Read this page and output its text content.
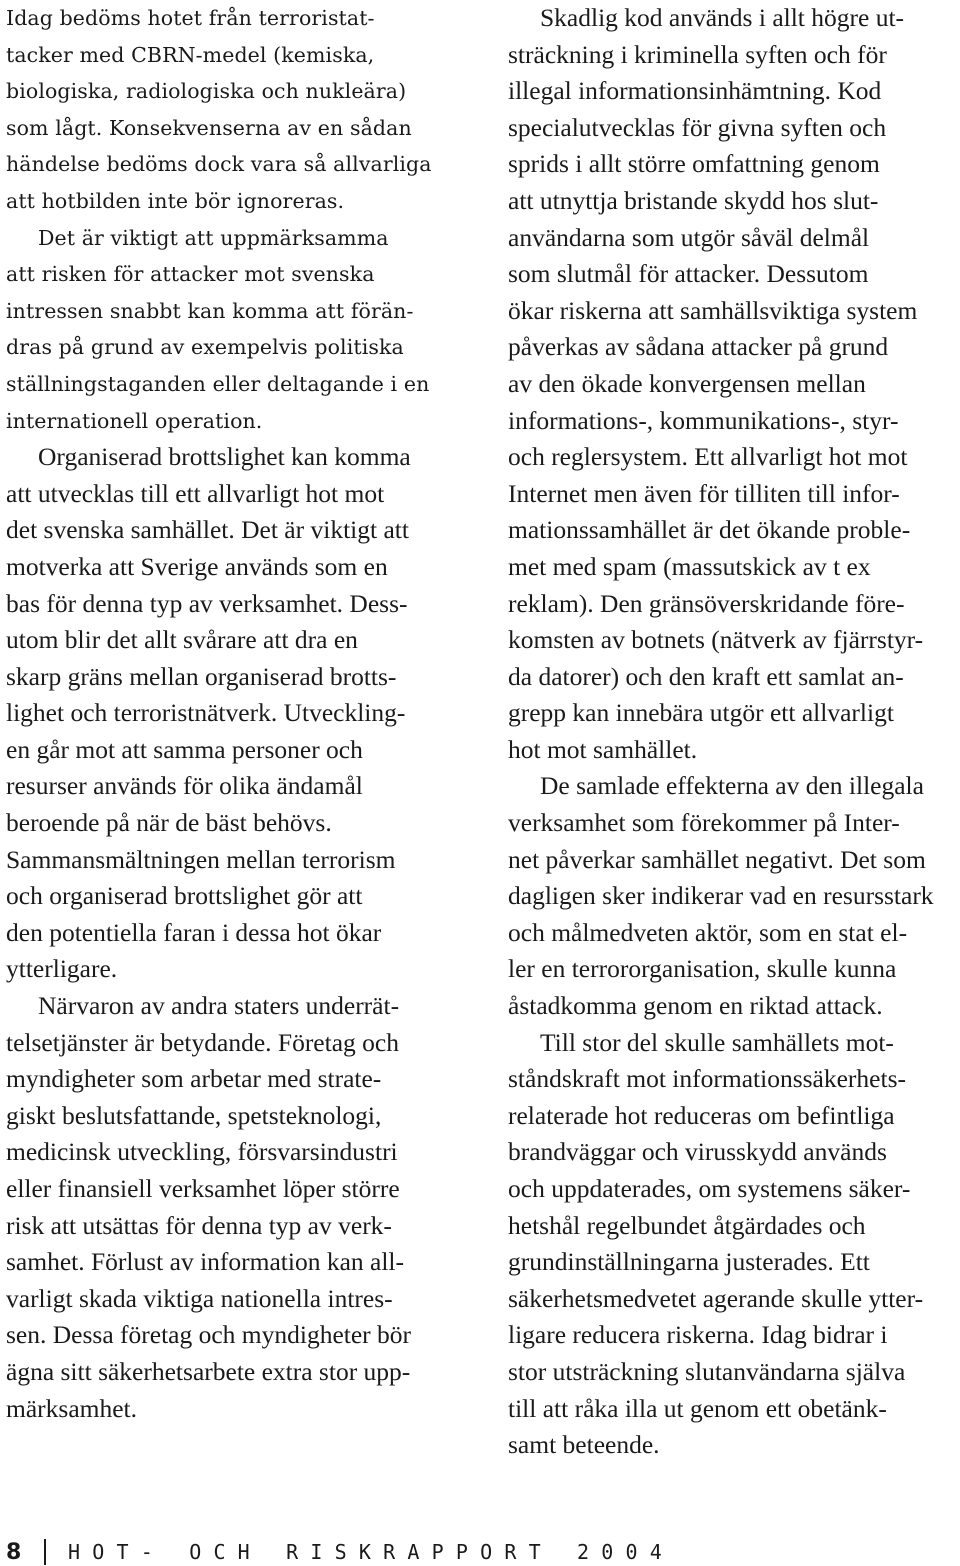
Idag bedöms hotet från terroristat-
tacker med CBRN-medel (kemiska,
biologiska, radiologiska och nukleära)
som lågt. Konsekvenserna av en sådan
händelse bedöms dock vara så allvarliga
att hotbilden inte bör ignoreras.
Det är viktigt att uppmärksamma
att risken för attacker mot svenska
intressen snabbt kan komma att förän-
dras på grund av exempelvis politiska
ställningstaganden eller deltagande i en
internationell operation.
Organiserad brottslighet kan komma
att utvecklas till ett allvarligt hot mot
det svenska samhället. Det är viktigt att
motverka att Sverige används som en
bas för denna typ av verksamhet. Dess-
utom blir det allt svårare att dra en
skarp gräns mellan organiserad brotts-
lighet och terroristnätverk. Utveckling-
en går mot att samma personer och
resurser används för olika ändamål
beroende på när de bäst behövs.
Sammansmältningen mellan terrorism
och organiserad brottslighet gör att
den potentiella faran i dessa hot ökar
ytterligare.
Närvaron av andra staters underrät-
telsetjänster är betydande. Företag och
myndigheter som arbetar med strate-
giskt beslutsfattande, spetsteknologi,
medicinsk utveckling, försvarsindustri
eller finansiell verksamhet löper större
risk att utsättas för denna typ av verk-
samhet. Förlust av information kan all-
varligt skada viktiga nationella intres-
sen. Dessa företag och myndigheter bör
ägna sitt säkerhetsarbete extra stor upp-
märksamhet.
Skadlig kod används i allt högre ut-
sträckning i kriminella syften och för
illegal informationsinhämtning. Kod
specialutvecklas för givna syften och
sprids i allt större omfattning genom
att utnyttja bristande skydd hos slut-
användarna som utgör såväl delmål
som slutmål för attacker. Dessutom
ökar riskerna att samhällsviktiga system
påverkas av sådana attacker på grund
av den ökade konvergensen mellan
informations-, kommunikations-, styr-
och reglersystem. Ett allvarligt hot mot
Internet men även för tilliten till infor-
mationssamhället är det ökande proble-
met med spam (massutskick av t ex
reklam). Den gränsöverskridande före-
komsten av botnets (nätverk av fjärrstyr-
da datorer) och den kraft ett samlat an-
grepp kan innebära utgör ett allvarligt
hot mot samhället.
De samlade effekterna av den illegala
verksamhet som förekommer på Inter-
net påverkar samhället negativt. Det som
dagligen sker indikerar vad en resursstark
och målmedveten aktör, som en stat el-
ler en terrororganisation, skulle kunna
åstadkomma genom en riktad attack.
Till stor del skulle samhällets mot-
ståndskraft mot informationssäkerhets-
relaterade hot reduceras om befintliga
brandväggar och virusskydd används
och uppdaterades, om systemens säker-
hetshål regelbundet åtgärdades och
grundinställningarna justerades. Ett
säkerhetsmedvetet agerande skulle ytter-
ligare reducera riskerna. Idag bidrar i
stor utsträckning slutanvändarna själva
till att råka illa ut genom ett obetänk-
samt beteende.
8	HOT- OCH RISKRAPPORT 2004
